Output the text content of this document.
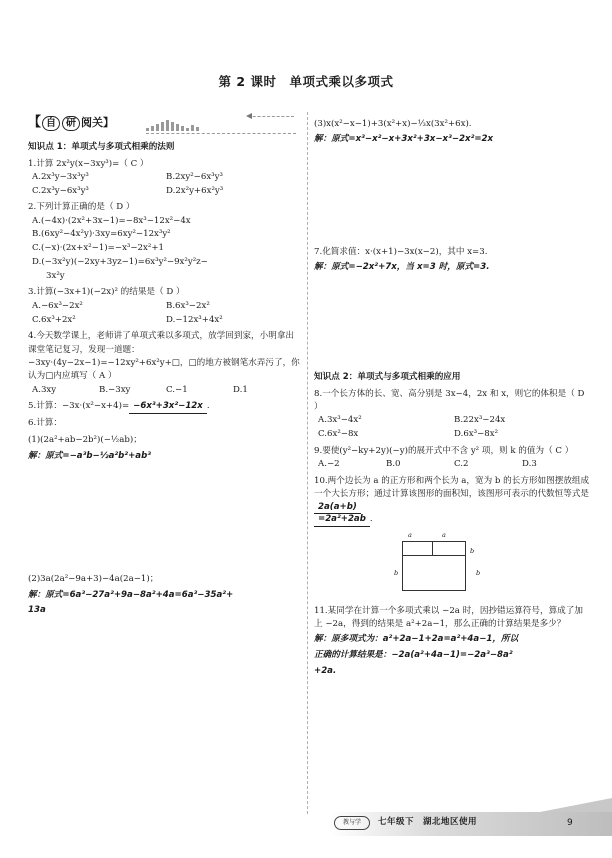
第 2 课时　单项式乘以多项式
【 自 研 阅关】
知识点 1：单项式与多项式相乘的法则
1.计算 2x²y(x−3xy³)=（ C ）
A.2x³y−3x³y³	B.2xy²−6x³y³
C.2x³y−6x³y³	D.2x²y+6x²y³
2.下列计算正确的是（ D ）
A.(−4x)·(2x²+3x−1)=−8x³−12x²−4x
B.(6xy²−4x²y)·3xy=6xy²−12x³y²
C.(−x)·(2x+x²−1)=−x³−2x²+1
D.(−3x²y)(−2xy+3yz−1)=6x³y²−9x²y²z−
3x²y
3.计算(−3x+1)(−2x)² 的结果是（ D ）
A.−6x³−2x²	B.6x³−2x²
C.6x³+2x²	D.−12x³+4x²
4.今天数学课上，老师讲了单项式乘以多项式，放学回到家，小明拿出课堂笔记复习，发现一道题：−3xy·(4y−2x−1)=−12xy²+6x²y+□，□的地方被钢笔水弄污了，你认为□内应填写（ A ）
A.3xy	B.−3xy	C.−1	D.1
5.计算：−3x·(x²−x+4)= −6x³+3x²−12x .
6.计算：
(1)(2a²+ab−2b²)(−½ab)；
解：原式=−a³b−½a²b²+ab³
(2)3a(2a²−9a+3)−4a(2a−1)；
解：原式=6a³−27a²+9a−8a²+4a=6a³−35a²+
13a
(3)x(x²−x−1)+3(x²+x)−⅓x(3x²+6x).
解：原式=x³−x²−x+3x²+3x−x³−2x²=2x
7.化简求值：x·(x+1)−3x(x−2)，其中 x=3.
解：原式=−2x²+7x，当 x=3 时，原式=3.
知识点 2：单项式与多项式相乘的应用
8.一个长方体的长、宽、高分别是 3x−4，2x 和 x，则它的体积是（ D ）
A.3x³−4x²	B.22x³−24x
C.6x²−8x	D.6x³−8x²
9.要使(y²−ky+2y)(−y)的展开式中不含 y² 项，则 k 的值为（ C ）
A.−2	B.0	C.2	D.3
10.两个边长为 a 的正方形和两个长为 a，宽为 b 的长方形如图摆放组成一个大长方形；通过计算该图形的面积知，该图形可表示的代数恒等式是 2a(a+b)
=2a²+2ab .
a	a
b
b	b
11.某同学在计算一个多项式乘以 −2a 时，因抄错运算符号，算成了加上 −2a，得到的结果是 a²+2a−1，那么正确的计算结果是多少？
解：原多项式为：a²+2a−1+2a=a²+4a−1，所以
正确的计算结果是：−2a(a²+4a−1)=−2a³−8a²
+2a.
教与学	七年级下　湖北地区使用	9
